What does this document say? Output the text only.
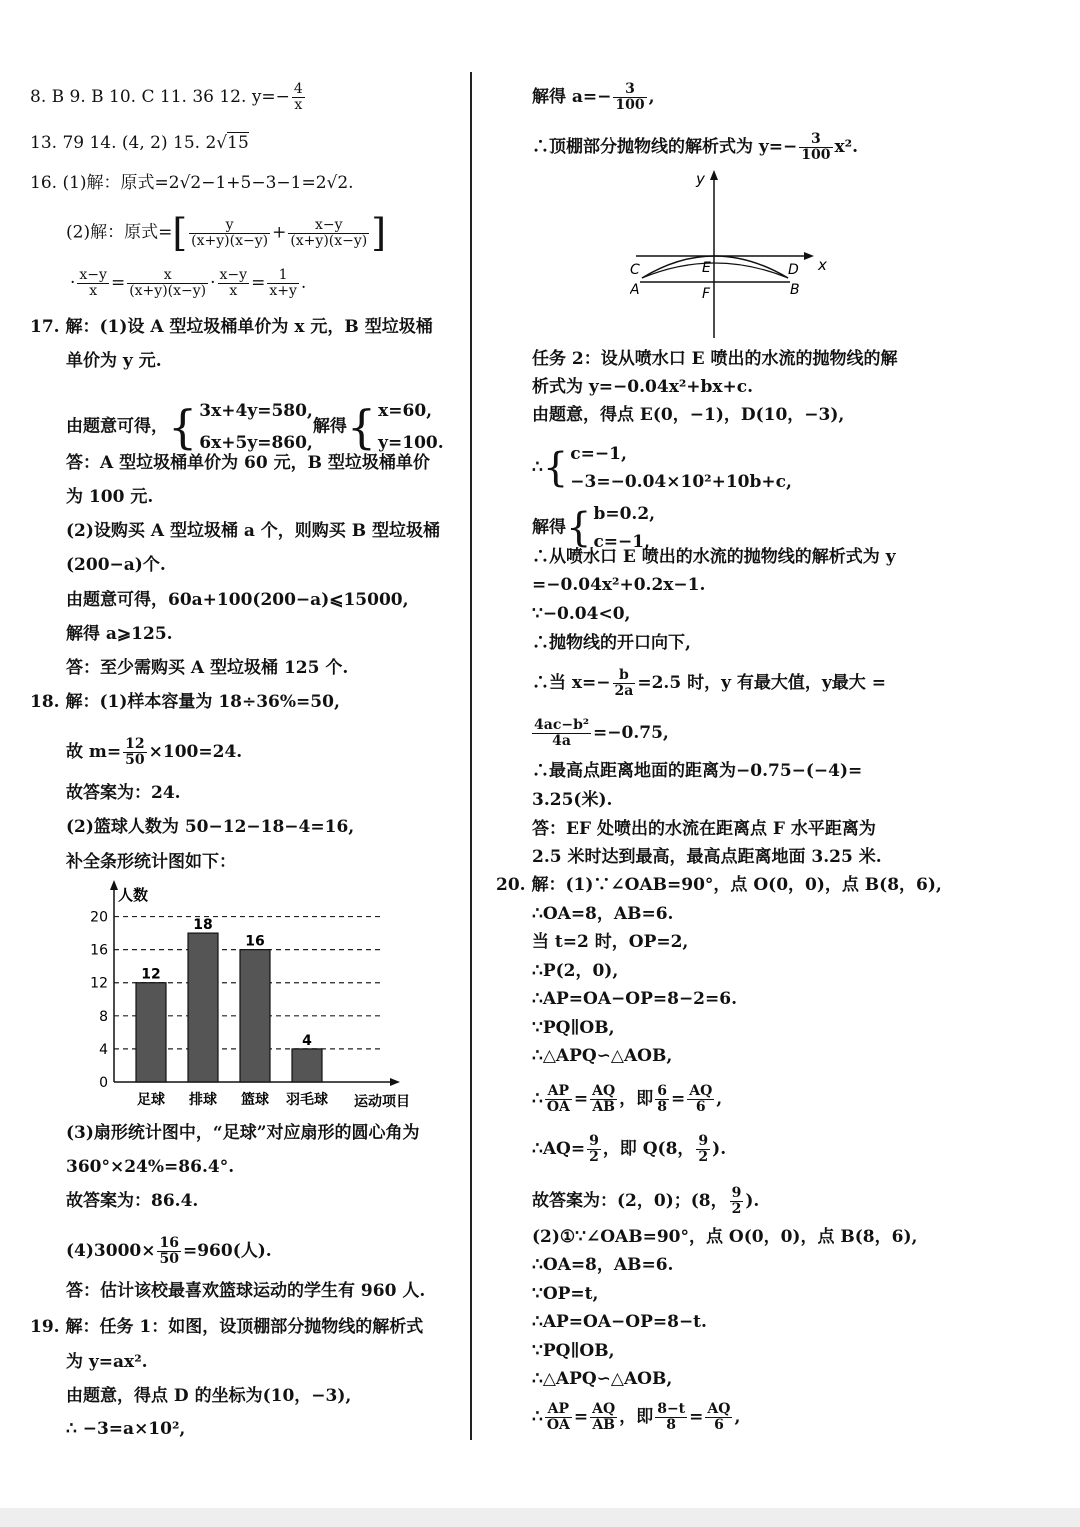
8. B 9. B 10. C 11. 36 12. $y=- \frac{4}{x}$
13. 79 14. (4, 2) 15. 2√15
16. (1)解：原式=2√2−1+5−3−1=2√2.
(2)解：原式=[ $\frac{y}{(x+y)(x-y)} + \frac{x-y}{(x+y)(x-y)}$ ]
· $\frac{x-y}{x} = \frac{x}{(x+y)(x-y)} \cdot \frac{x-y}{x} = \frac{1}{x+y}$ .
17. 解：(1)设 A 型垃圾桶单价为 x 元，B 型垃圾桶
单价为 y 元.
由题意可得，{ 3x+4y=580,
6x+5y=860,
解得{ x=60,
y=100.
答：A 型垃圾桶单价为 60 元，B 型垃圾桶单价
为 100 元.
(2)设购买 A 型垃圾桶 a 个，则购买 B 型垃圾桶
(200−a)个.
由题意可得，60a+100(200−a)⩽15000,
解得 a⩾125.
答：至少需购买 A 型垃圾桶 125 个.
18. 解：(1)样本容量为 18÷36%=50,
故 $m= \frac{12}{50} \times 100=24$.
故答案为：24.
(2)篮球人数为 50−12−18−4=16,
补全条形统计图如下：
0
4
8
12
16
20
人数
运动项目
12
足球
18
排球
16
篮球
4
羽毛球
(3)扇形统计图中，“足球”对应扇形的圆心角为
360°×24%=86.4°.
故答案为：86.4.
$(4)3000\times \frac{16}{50} =960$(人).
答：估计该校最喜欢篮球运动的学生有 960 人.
19. 解：任务 1：如图，设顶棚部分抛物线的解析式
为 y=ax².
由题意，得点 D 的坐标为(10，−3),
∴ −3=a×10²,
解得 $a=- \frac{3}{100}$ ,
∴顶棚部分抛物线的解析式为 $y=- \frac{3}{100} x^2$.
y
x
C	E	D
A	F	B
任务 2：设从喷水口 E 喷出的水流的抛物线的解
析式为 y=−0.04x²+bx+c.
由题意，得点 E(0，−1)，D(10，−3),
∴{ c=−1,
−3=−0.04×10²+10b+c,
解得{ b=0.2,
c=−1,
∴从喷水口 E 喷出的水流的抛物线的解析式为 y
=−0.04x²+0.2x−1.
∵−0.04<0,
∴抛物线的开口向下,
∴当 $x=- \frac{b}{2a} =2.5$ 时，y 有最大值，y最大 =
$\frac{\text{4ac−b²}}{4a} =-0.75$,
∴最高点距离地面的距离为−0.75−(−4)=
3.25(米).
答：EF 处喷出的水流在距离点 F 水平距离为
2.5 米时达到最高，最高点距离地面 3.25 米.
20. 解：(1)∵∠OAB=90°，点 O(0，0)，点 B(8，6),
∴OA=8，AB=6.
当 t=2 时，OP=2,
∴P(2，0),
∴AP=OA−OP=8−2=6.
∵PQ∥OB,
∴△APQ∽△AOB,
∴ $\frac{AP}{OA} = \frac{AQ}{AB}$ ，即 $\frac{6}{8} = \frac{AQ}{6}$ ,
∴AQ= $\frac{9}{2}$ ，即 Q(8， $\frac{9}{2}$ ).
故答案为：(2，0)；(8， $\frac{9}{2}$ ).
(2)①∵∠OAB=90°，点 O(0，0)，点 B(8，6),
∴OA=8，AB=6.
∵OP=t,
∴AP=OA−OP=8−t.
∵PQ∥OB,
∴△APQ∽△AOB,
∴ $\frac{AP}{OA} = \frac{AQ}{AB}$ ，即 $\frac{8-t}{8} = \frac{AQ}{6}$ ,
